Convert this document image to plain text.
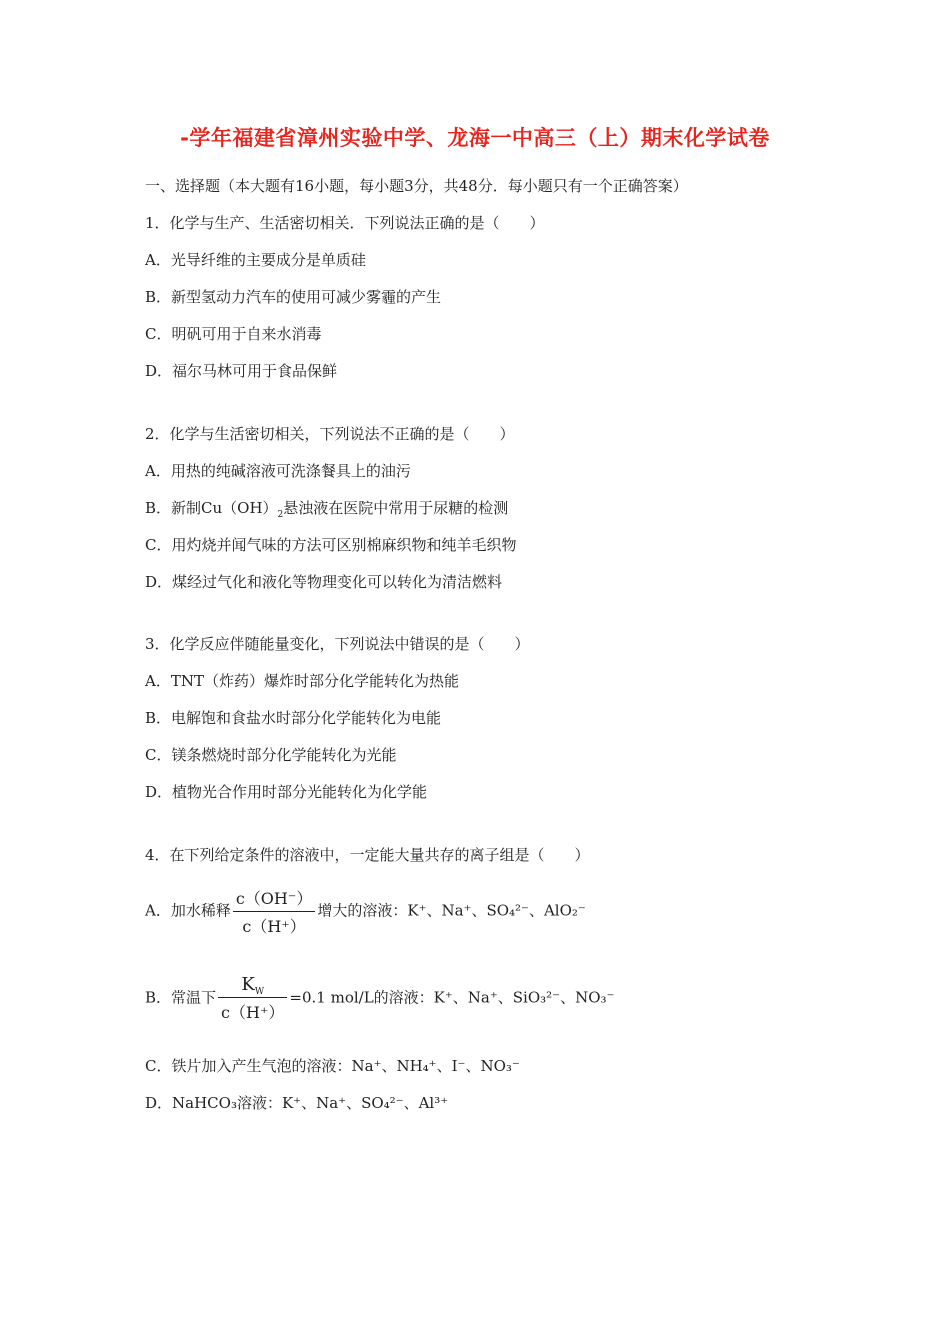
-学年福建省漳州实验中学、龙海一中高三（上）期末化学试卷
一、选择题（本大题有16小题，每小题3分，共48分．每小题只有一个正确答案）
1．化学与生产、生活密切相关．下列说法正确的是（　　）
A．光导纤维的主要成分是单质硅
B．新型氢动力汽车的使用可减少雾霾的产生
C．明矾可用于自来水消毒
D．福尔马林可用于食品保鲜
2．化学与生活密切相关，下列说法不正确的是（　　）
A．用热的纯碱溶液可洗涤餐具上的油污
B．新制$Cu(OH)_2$悬浊液在医院中常用于尿糖的检测
C．用灼烧并闻气味的方法可区别棉麻织物和纯羊毛织物
D．煤经过气化和液化等物理变化可以转化为清洁燃料
3．化学反应伴随能量变化，下列说法中错误的是（　　）
A．TNT（炸药）爆炸时部分化学能转化为热能
B．电解饱和食盐水时部分化学能转化为电能
C．镁条燃烧时部分化学能转化为光能
D．植物光合作用时部分光能转化为化学能
4．在下列给定条件的溶液中，一定能大量共存的离子组是（　　）
A．加水稀释 $\frac{c(OH^-)}{c(H^+)}$ 增大的溶液：K⁺、Na⁺、SO₄²⁻、AlO₂⁻
B．常温下 $\frac{K_W}{c(H^+)} =0.1$ mol/L的溶液：K⁺、Na⁺、SiO₃²⁻、NO₃⁻
C．铁片加入产生气泡的溶液：Na⁺、NH₄⁺、I⁻、NO₃⁻
D．NaHCO₃溶液：K⁺、Na⁺、SO₄²⁻、Al³⁺
